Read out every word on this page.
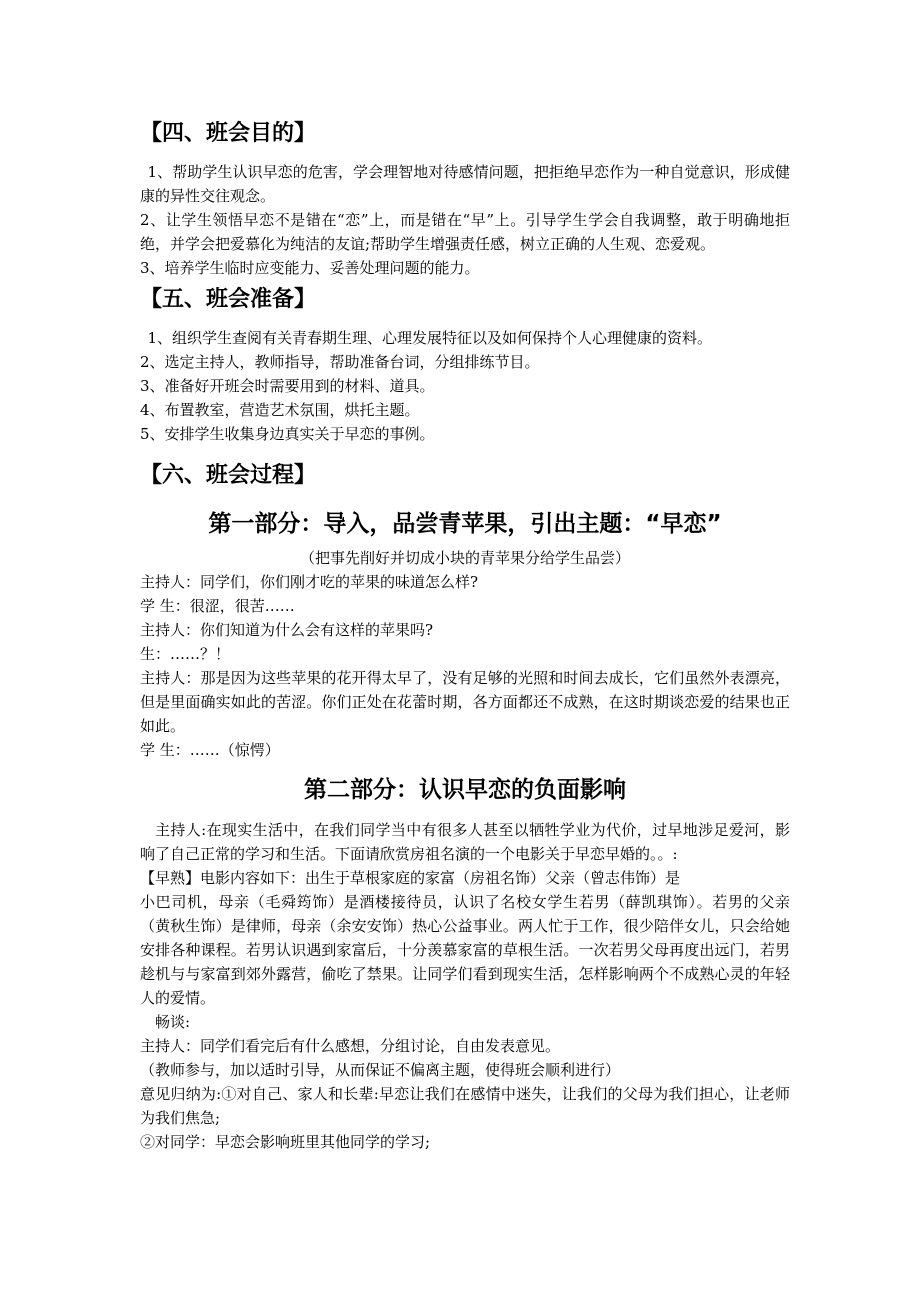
【四、班会目的】

1、帮助学生认识早恋的危害，学会理智地对待感情问题，把拒绝早恋作为一种自觉意识，形成健康的异性交往观念。

2、让学生领悟早恋不是错在“恋”上，而是错在“早”上。引导学生学会自我调整，敢于明确地拒绝，并学会把爱慕化为纯洁的友谊;帮助学生增强责任感，树立正确的人生观、恋爱观。

3、培养学生临时应变能力、妥善处理问题的能力。

【五、班会准备】

1、组织学生查阅有关青春期生理、心理发展特征以及如何保持个人心理健康的资料。

2、选定主持人，教师指导，帮助准备台词，分组排练节目。

3、准备好开班会时需要用到的材料、道具。

4、布置教室，营造艺术氛围，烘托主题。

5、安排学生收集身边真实关于早恋的事例。

【六、班会过程】
第一部分：导入，品尝青苹果，引出主题：“早恋”

（把事先削好并切成小块的青苹果分给学生品尝）

主持人：同学们，你们刚才吃的苹果的味道怎么样?

学 生：很涩，很苦……

主持人：你们知道为什么会有这样的苹果吗?

生：……？！

主持人：那是因为这些苹果的花开得太早了，没有足够的光照和时间去成长，它们虽然外表漂亮，但是里面确实如此的苦涩。你们正处在花蕾时期，各方面都还不成熟，在这时期谈恋爱的结果也正如此。

学 生：……（惊愕）

第二部分：认识早恋的负面影响

主持人:在现实生活中，在我们同学当中有很多人甚至以牺牲学业为代价，过早地涉足爱河，影响了自己正常的学习和生活。下面请欣赏房祖名演的一个电影关于早恋早婚的。。:

【早熟】电影内容如下：出生于草根家庭的家富（房祖名饰）父亲（曾志伟饰）是

小巴司机，母亲（毛舜筠饰）是酒楼接待员，认识了名校女学生若男（薛凯琪饰）。若男的父亲（黄秋生饰）是律师，母亲（余安安饰）热心公益事业。两人忙于工作，很少陪伴女儿，只会给她安排各种课程。若男认识遇到家富后，十分羡慕家富的草根生活。一次若男父母再度出远门，若男趁机与与家富到郊外露营，偷吃了禁果。让同学们看到现实生活，怎样影响两个不成熟心灵的年轻人的爱情。

畅谈:

主持人：同学们看完后有什么感想，分组讨论，自由发表意见。

（教师参与，加以适时引导，从而保证不偏离主题，使得班会顺利进行）

意见归纳为:①对自己、家人和长辈:早恋让我们在感情中迷失，让我们的父母为我们担心，让老师为我们焦急;

②对同学：早恋会影响班里其他同学的学习;
